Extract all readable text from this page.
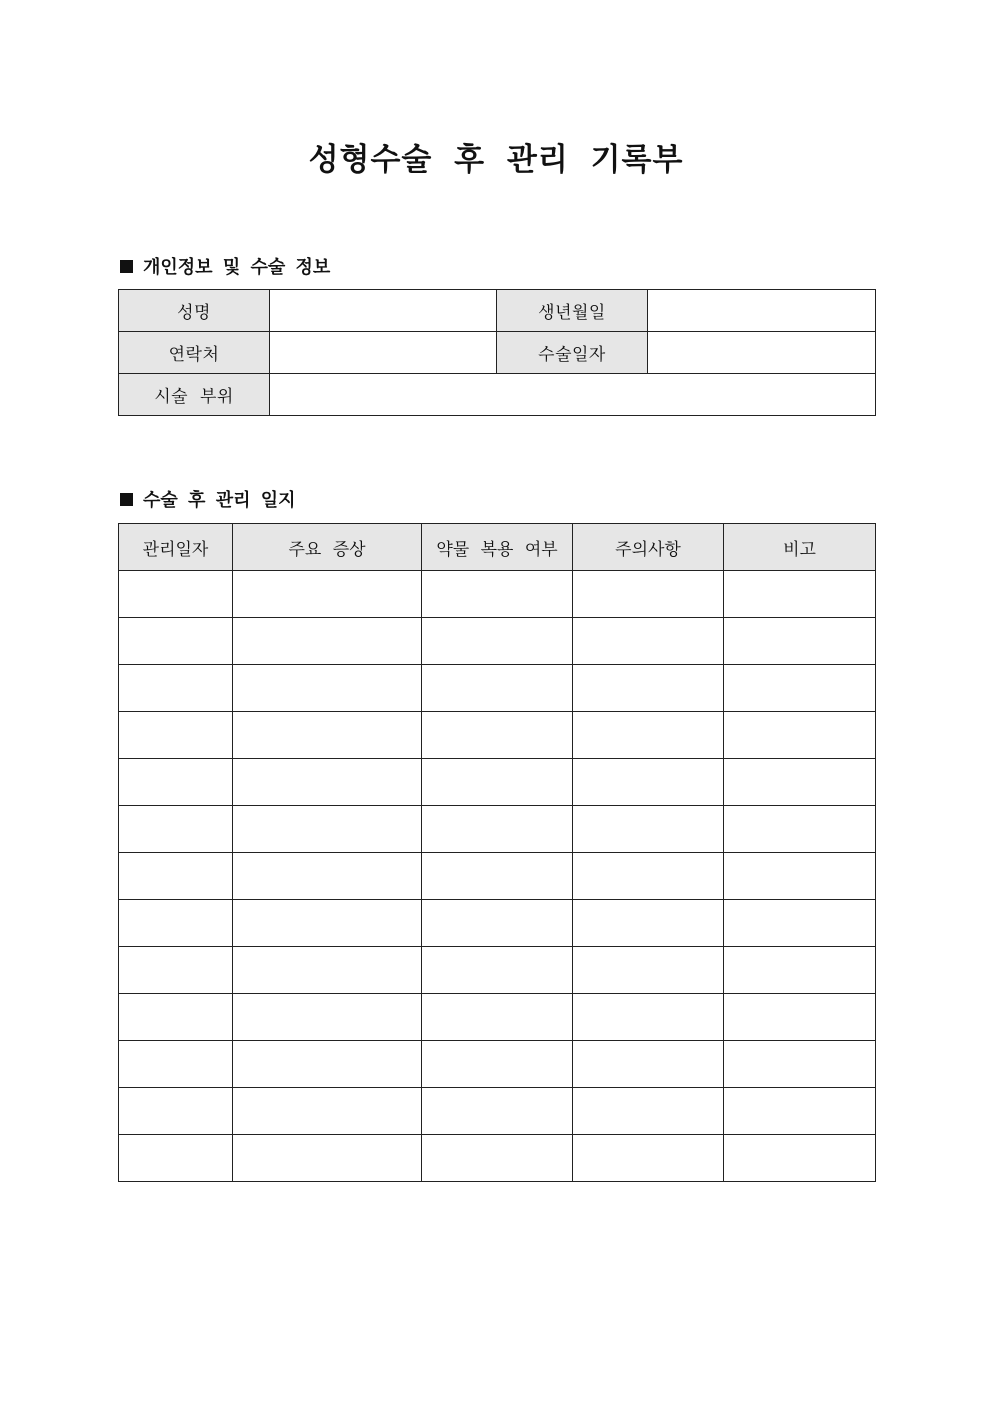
성형수술 후 관리 기록부
개인정보 및 수술 정보
성명		생년월일	
연락처		수술일자	
시술 부위			
수술 후 관리 일지
관리일자	주요 증상	약물 복용 여부	주의사항	비고
